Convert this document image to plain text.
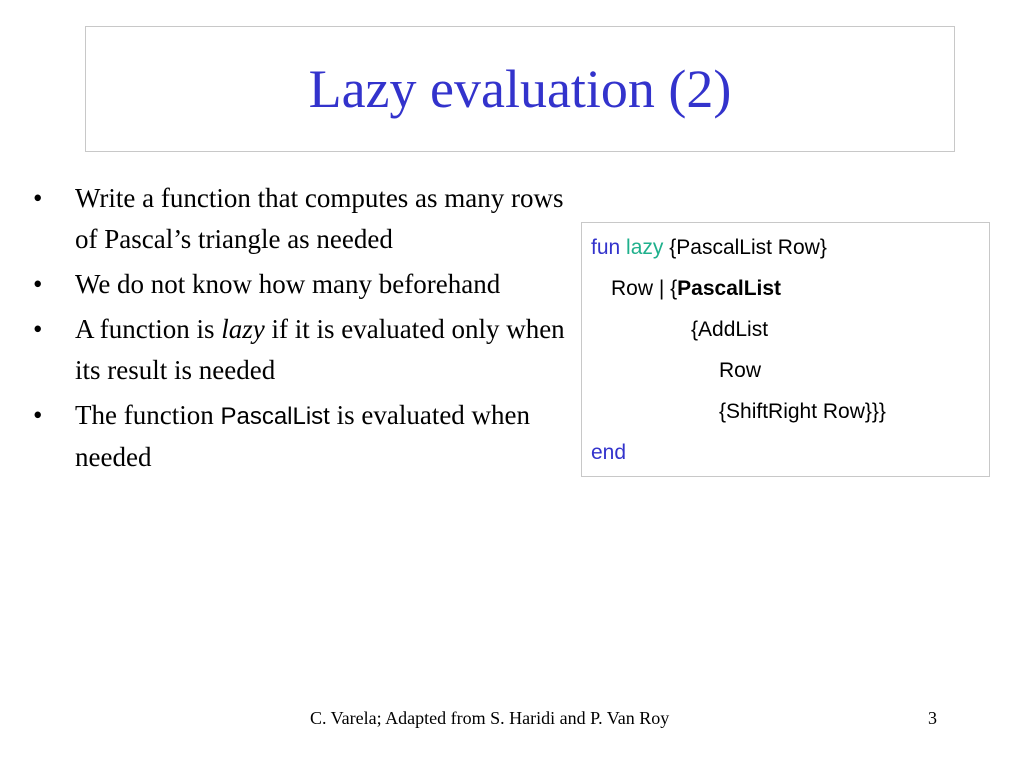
Lazy evaluation (2)
• Write a function that computes as many rows of Pascal’s triangle as needed
• We do not know how many beforehand
• A function is lazy if it is evaluated only when its result is needed
• The function PascalList is evaluated when needed
fun lazy {PascalList Row}
Row | {PascalList
{AddList
Row
{ShiftRight Row}}}
end
C. Varela; Adapted from S. Haridi and P. Van Roy	3
